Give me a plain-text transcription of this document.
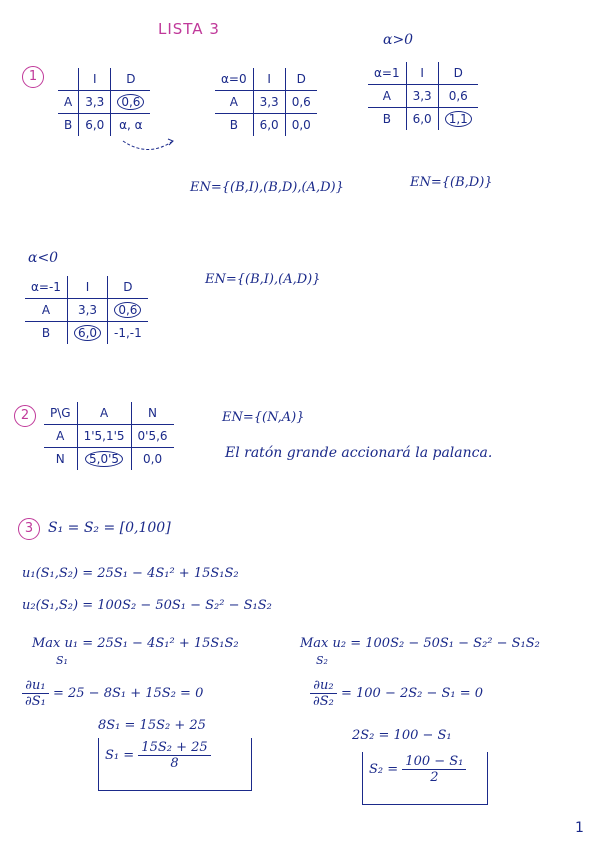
LISTA 3
1
1
α>0
	I	D
A	3,3	0,6
B	6,0	α, α
α=0	I	D
A	3,3	0,6
B	6,0	0,0
α=1	I	D
A	3,3	0,6
B	6,0	1,1
EN={(B,I),(B,D),(A,D)}	EN={(B,D)}
α<0
α=-1	I	D
A	3,3	0,6
B	6,0	-1,-1
EN={(B,I),(A,D)}
2	P\G	A	N
A	1'5,1'5	0'5,6
N	5,0'5	0,0
EN={(N,A)}
El ratón grande accionará la palanca.
3	S₁ = S₂ = [0,100]
u₁(S₁,S₂) = 25S₁ − 4S₁² + 15S₁S₂
u₂(S₁,S₂) = 100S₂ − 50S₁ − S₂² − S₁S₂
Max u₁ = 25S₁ − 4S₁² + 15S₁S₂
S₁
Max u₂ = 100S₂ − 50S₁ − S₂² − S₁S₂
S₂
$\frac{\text{∂u₁}}{\text{∂S₁}} = 25 - 8S_1 + 15S_2 = 0$	$\frac{\text{∂u₂}}{\text{∂S₂}} = 100 - 2S_2 - S_1 = 0$
8S₁ = 15S₂ + 25
2S₂ = 100 − S₁
$S_1 = \frac{\text{15S₂ + 25}}{8}$	$S_2 = \frac{\text{100 − S₁}}{2}$
